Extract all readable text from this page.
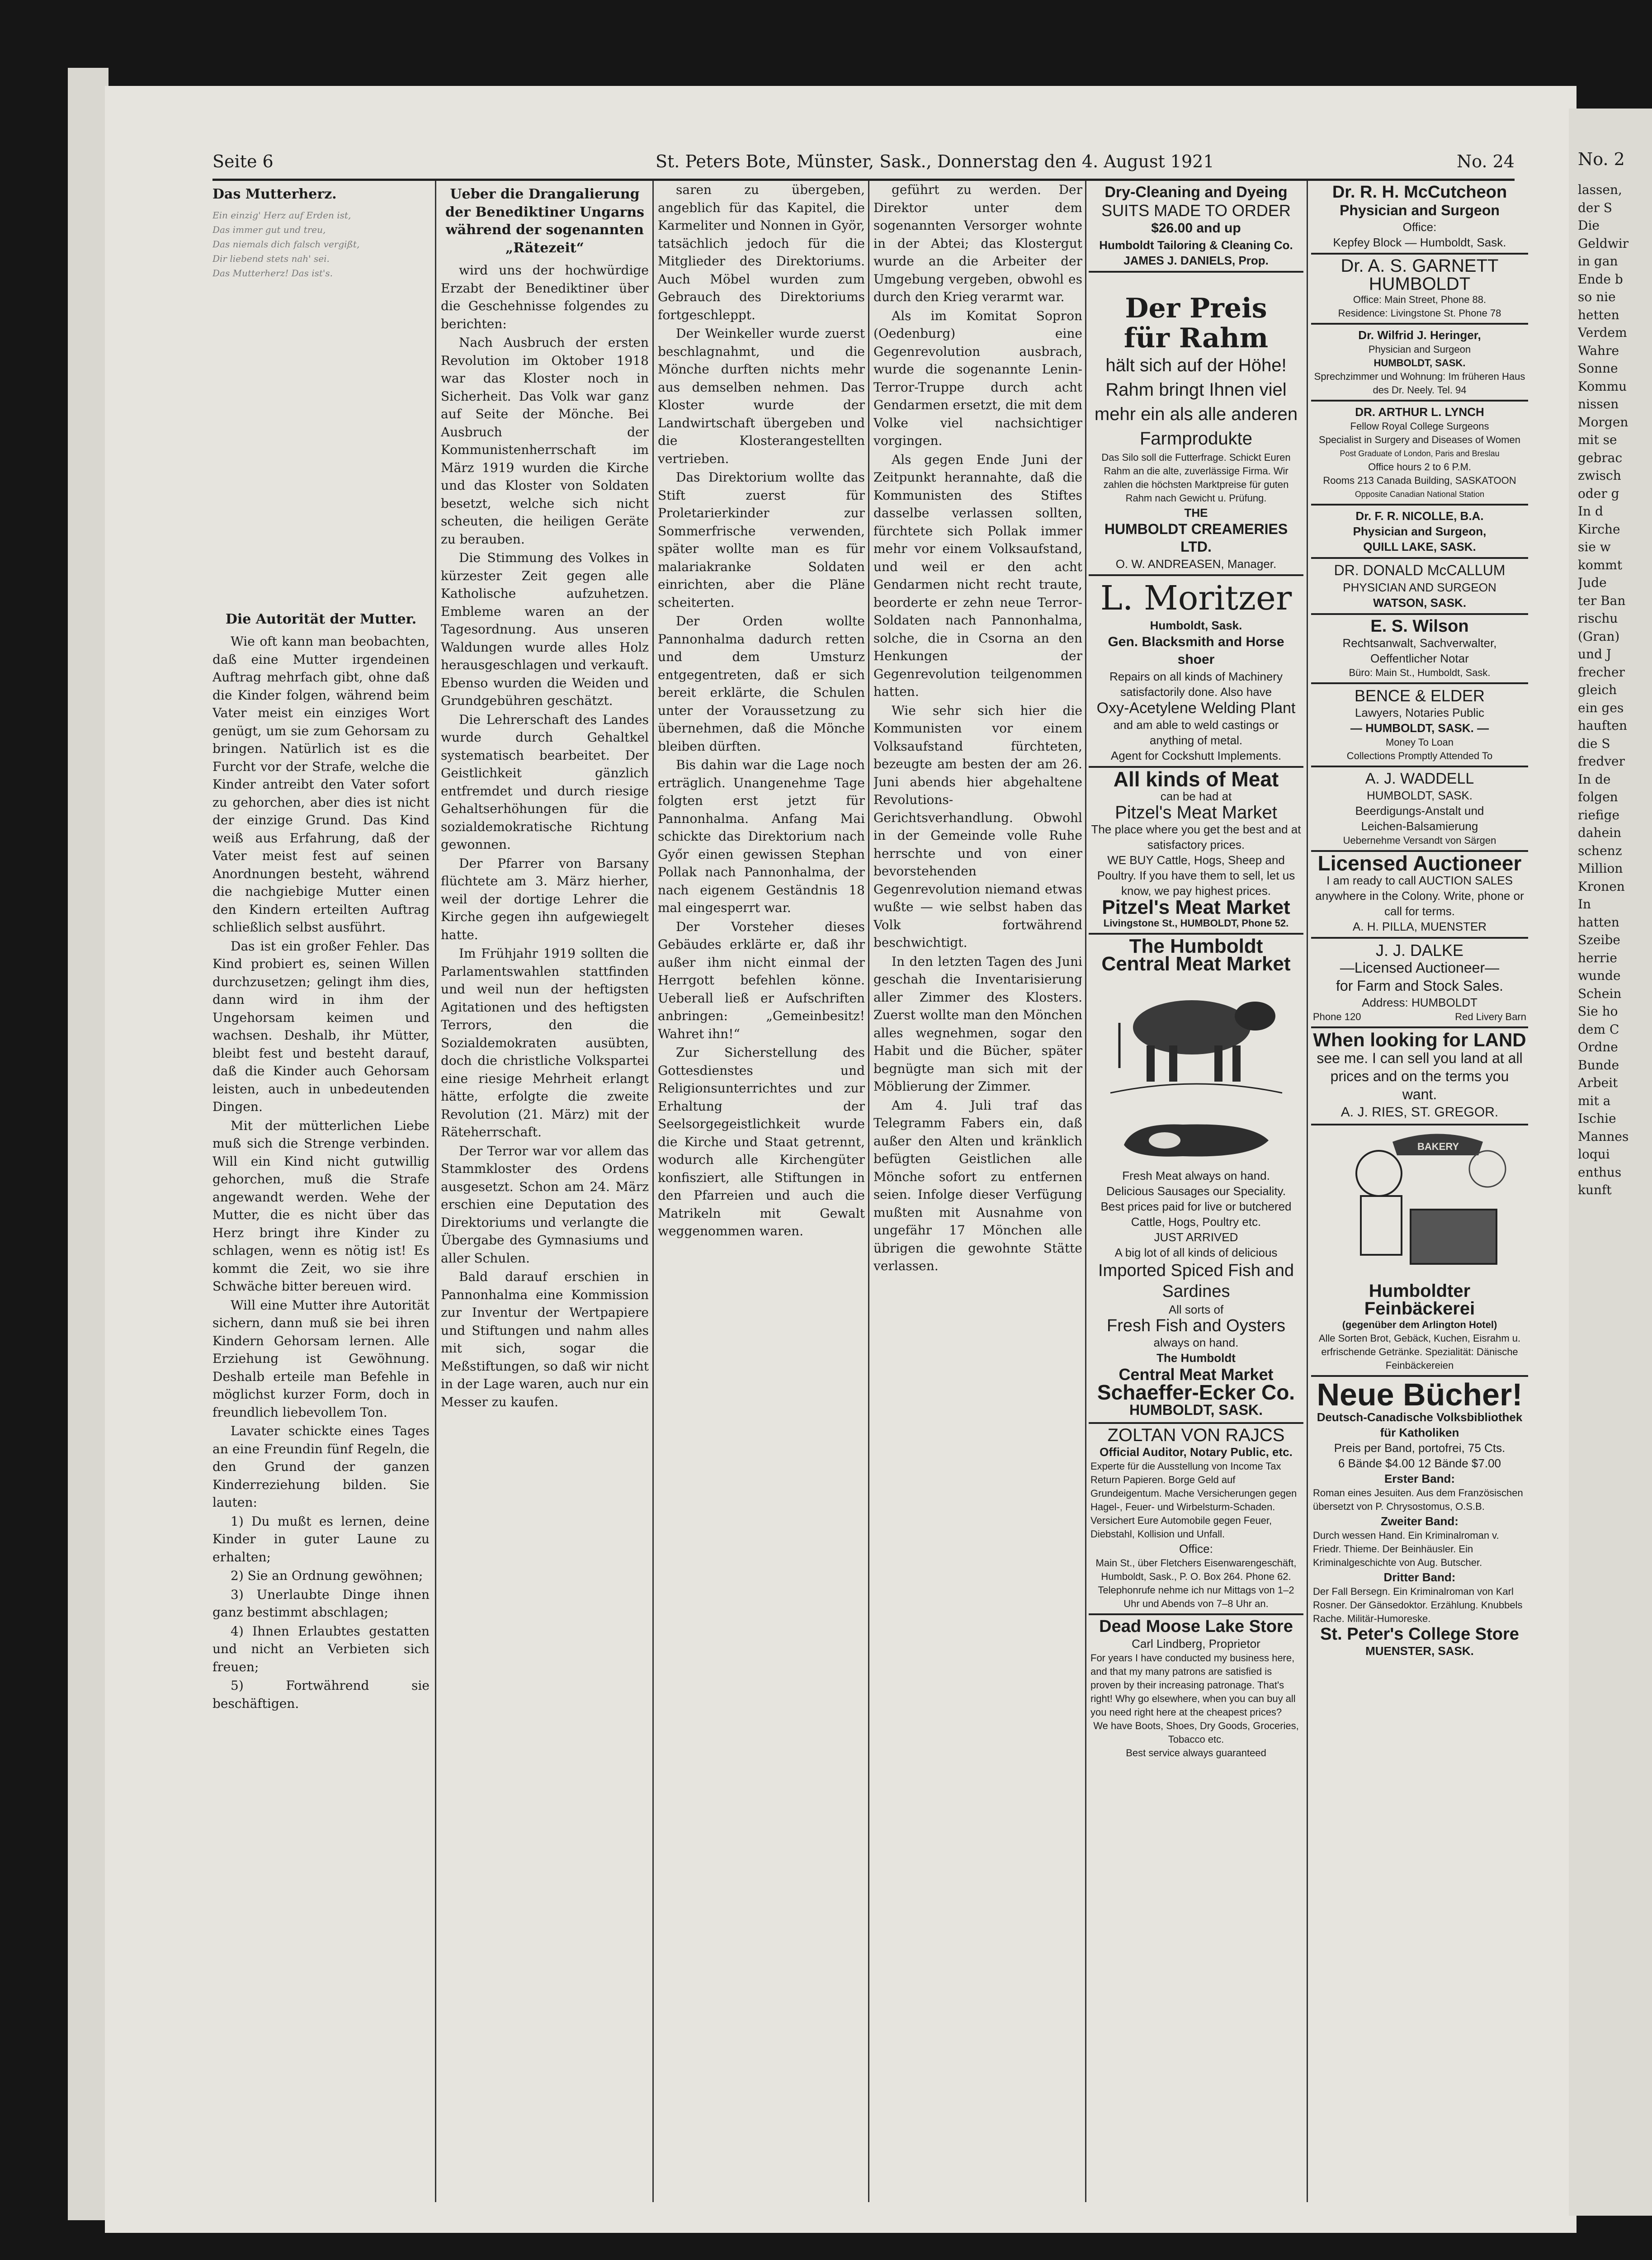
Seite 6	St. Peters Bote, Münster, Sask., Donnerstag den 4. August 1921	No. 24

Das Mutterherz.

Ein einzig' Herz auf Erden ist,
Das immer gut und treu,
Das niemals dich falsch vergißt,
Dir liebend stets nah' sei.
Das Mutterherz! Das ist's.

Die Autorität der Mutter.

Wie oft kann man beobachten, daß eine Mutter irgendeinen Auftrag mehrfach gibt, ohne daß die Kinder folgen, während beim Vater meist ein einziges Wort genügt, um sie zum Gehorsam zu bringen. Natürlich ist es die Furcht vor der Strafe, welche die Kinder antreibt den Vater sofort zu gehorchen, aber dies ist nicht der einzige Grund. Das Kind weiß aus Erfahrung, daß der Vater meist fest auf seinen Anordnungen besteht, während die nachgiebige Mutter einen den Kindern erteilten Auftrag schließlich selbst ausführt.

Das ist ein großer Fehler. Das Kind probiert es, seinen Willen durchzusetzen; gelingt ihm dies, dann wird in ihm der Ungehorsam keimen und wachsen. Deshalb, ihr Mütter, bleibt fest und besteht darauf, daß die Kinder auch Gehorsam leisten, auch in unbedeutenden Dingen.

Mit der mütterlichen Liebe muß sich die Strenge verbinden. Will ein Kind nicht gutwillig gehorchen, muß die Strafe angewandt werden. Wehe der Mutter, die es nicht über das Herz bringt ihre Kinder zu schlagen, wenn es nötig ist! Es kommt die Zeit, wo sie ihre Schwäche bitter bereuen wird.

Will eine Mutter ihre Autorität sichern, dann muß sie bei ihren Kindern Gehorsam lernen. Alle Erziehung ist Gewöhnung. Deshalb erteile man Befehle in möglichst kurzer Form, doch in freundlich liebevollem Ton.

Lavater schickte eines Tages an eine Freundin fünf Regeln, die den Grund der ganzen Kinderreziehung bilden. Sie lauten:

1) Du mußt es lernen, deine Kinder in guter Laune zu erhalten;

2) Sie an Ordnung gewöhnen;

3) Unerlaubte Dinge ihnen ganz bestimmt abschlagen;

4) Ihnen Erlaubtes gestatten und nicht an Verbieten sich freuen;

5) Fortwährend sie beschäftigen.

Ueber die Drangalierung der Benediktiner Ungarns während der sogenannten „Rätezeit“

wird uns der hochwürdige Erzabt der Benediktiner über die Geschehnisse folgendes zu berichten:

Nach Ausbruch der ersten Revolution im Oktober 1918 war das Kloster noch in Sicherheit. Das Volk war ganz auf Seite der Mönche. Bei Ausbruch der Kommunistenherrschaft im März 1919 wurden die Kirche und das Kloster von Soldaten besetzt, welche sich nicht scheuten, die heiligen Geräte zu berauben.

Die Stimmung des Volkes in kürzester Zeit gegen alle Katholische aufzuhetzen. Embleme waren an der Tagesordnung. Aus unseren Waldungen wurde alles Holz herausgeschlagen und verkauft. Ebenso wurden die Weiden und Grundgebühren geschätzt.

Die Lehrerschaft des Landes wurde durch Gehaltkel systematisch bearbeitet. Der Geistlichkeit gänzlich entfremdet und durch riesige Gehaltserhöhungen für die sozialdemokratische Richtung gewonnen.

Der Pfarrer von Barsany flüchtete am 3. März hierher, weil der dortige Lehrer die Kirche gegen ihn aufgewiegelt hatte.

Im Frühjahr 1919 sollten die Parlamentswahlen stattfinden und weil nun der heftigsten Agitationen und des heftigsten Terrors, den die Sozialdemokraten ausübten, doch die christliche Volkspartei eine riesige Mehrheit erlangt hätte, erfolgte die zweite Revolution (21. März) mit der Räteherrschaft.

Der Terror war vor allem das Stammkloster des Ordens ausgesetzt. Schon am 24. März erschien eine Deputation des Direktoriums und verlangte die Übergabe des Gymnasiums und aller Schulen.

Bald darauf erschien in Pannonhalma eine Kommission zur Inventur der Wertpapiere und Stiftungen und nahm alles mit sich, sogar die Meßstiftungen, so daß wir nicht in der Lage waren, auch nur ein Messer zu kaufen.

saren zu übergeben, angeblich für das Kapitel, die Karmeliter und Nonnen in Györ, tatsächlich jedoch für die Mitglieder des Direktoriums. Auch Möbel wurden zum Gebrauch des Direktoriums fortgeschleppt.

Der Weinkeller wurde zuerst beschlagnahmt, und die Mönche durften nichts mehr aus demselben nehmen. Das Kloster wurde der Landwirtschaft übergeben und die Klosterangestellten vertrieben.

Das Direktorium wollte das Stift zuerst für Proletarierkinder zur Sommerfrische verwenden, später wollte man es für malariakranke Soldaten einrichten, aber die Pläne scheiterten.

Der Orden wollte Pannonhalma dadurch retten und dem Umsturz entgegentreten, daß er sich bereit erklärte, die Schulen unter der Voraussetzung zu übernehmen, daß die Mönche bleiben dürften.

Bis dahin war die Lage noch erträglich. Unangenehme Tage folgten erst jetzt für Pannonhalma. Anfang Mai schickte das Direktorium nach Győr einen gewissen Stephan Pollak nach Pannonhalma, der nach eigenem Geständnis 18 mal eingesperrt war.

Der Vorsteher dieses Gebäudes erklärte er, daß ihr außer ihm nicht einmal der Herrgott befehlen könne. Ueberall ließ er Aufschriften anbringen: „Gemeinbesitz! Wahret ihn!“

Zur Sicherstellung des Gottesdienstes und Religionsunterrichtes und zur Erhaltung der Seelsorgegeistlichkeit wurde die Kirche und Staat getrennt, wodurch alle Kirchengüter konfisziert, alle Stiftungen in den Pfarreien und auch die Matrikeln mit Gewalt weggenommen waren.

geführt zu werden. Der Direktor unter dem sogenannten Versorger wohnte in der Abtei; das Klostergut wurde an die Arbeiter der Umgebung vergeben, obwohl es durch den Krieg verarmt war.

Als im Komitat Sopron (Oedenburg) eine Gegenrevolution ausbrach, wurde die sogenannte Lenin-Terror-Truppe durch acht Gendarmen ersetzt, die mit dem Volke viel nachsichtiger vorgingen.

Als gegen Ende Juni der Zeitpunkt herannahte, daß die Kommunisten des Stiftes dasselbe verlassen sollten, fürchtete sich Pollak immer mehr vor einem Volksaufstand, und weil er den acht Gendarmen nicht recht traute, beorderte er zehn neue Terror-Soldaten nach Pannonhalma, solche, die in Csorna an den Henkungen der Gegenrevolution teilgenommen hatten.

Wie sehr sich hier die Kommunisten vor einem Volksaufstand fürchteten, bezeugte am besten der am 26. Juni abends hier abgehaltene Revolutions-Gerichtsverhandlung. Obwohl in der Gemeinde volle Ruhe herrschte und von einer bevorstehenden Gegenrevolution niemand etwas wußte — wie selbst haben das Volk fortwährend beschwichtigt.

In den letzten Tagen des Juni geschah die Inventarisierung aller Zimmer des Klosters. Zuerst wollte man den Mönchen alles wegnehmen, sogar den Habit und die Bücher, später begnügte man sich mit der Möblierung der Zimmer.

Am 4. Juli traf das Telegramm Fabers ein, daß außer den Alten und kränklich befügten Geistlichen alle Mönche sofort zu entfernen seien. Infolge dieser Verfügung mußten mit Ausnahme von ungefähr 17 Mönchen alle übrigen die gewohnte Stätte verlassen.

Dry-Cleaning and Dyeing
SUITS MADE TO ORDER
$26.00 and up
Humboldt Tailoring & Cleaning Co.
JAMES J. DANIELS, Prop.
Der Preis
für Rahm
hält sich auf der Höhe! Rahm bringt Ihnen viel mehr ein als alle anderen Farmprodukte
Das Silo soll die Futterfrage. Schickt Euren Rahm an die alte, zuverlässige Firma. Wir zahlen die höchsten Marktpreise für guten Rahm nach Gewicht u. Prüfung.
THE
HUMBOLDT CREAMERIES LTD.
O. W. ANDREASEN, Manager.
L. Moritzer
Humboldt, Sask.
Gen. Blacksmith and Horse shoer
Repairs on all kinds of Machinery satisfactorily done. Also have
Oxy-Acetylene Welding Plant
and am able to weld castings or anything of metal.
Agent for Cockshutt Implements.
All kinds of Meat
can be had at
Pitzel's Meat Market
The place where you get the best and at satisfactory prices.
WE BUY Cattle, Hogs, Sheep and Poultry. If you have them to sell, let us know, we pay highest prices.
Pitzel's Meat Market
Livingstone St., HUMBOLDT, Phone 52.
The Humboldt
Central Meat Market

Fresh Meat always on hand.
Delicious Sausages our Speciality.
Best prices paid for live or butchered Cattle, Hogs, Poultry etc.
JUST ARRIVED
A big lot of all kinds of delicious
Imported Spiced Fish and Sardines
All sorts of
Fresh Fish and Oysters
always on hand.
The Humboldt
Central Meat Market
Schaeffer-Ecker Co.
HUMBOLDT, SASK.
ZOLTAN VON RAJCS
Official Auditor, Notary Public, etc.
Experte für die Ausstellung von Income Tax Return Papieren. Borge Geld auf Grundeigentum. Mache Versicherungen gegen Hagel-, Feuer- und Wirbelsturm-Schaden. Versichert Eure Automobile gegen Feuer, Diebstahl, Kollision und Unfall.
Office:
Main St., über Fletchers Eisenwarengeschäft, Humboldt, Sask., P. O. Box 264. Phone 62.
Telephonrufe nehme ich nur Mittags von 1–2 Uhr und Abends von 7–8 Uhr an.
Dead Moose Lake Store
Carl Lindberg, Proprietor
For years I have conducted my business here, and that my many patrons are satisfied is proven by their increasing patronage. That's right! Why go elsewhere, when you can buy all you need right here at the cheapest prices?
We have Boots, Shoes, Dry Goods, Groceries, Tobacco etc.
Best service always guaranteed
Dr. R. H. McCutcheon
Physician and Surgeon
Office:
Kepfey Block — Humboldt, Sask.
Dr. A. S. GARNETT
HUMBOLDT
Office: Main Street, Phone 88.
Residence: Livingstone St. Phone 78
Dr. Wilfrid J. Heringer,
Physician and Surgeon
HUMBOLDT, SASK.
Sprechzimmer und Wohnung: Im früheren Haus des Dr. Neely. Tel. 94
DR. ARTHUR L. LYNCH
Fellow Royal College Surgeons
Specialist in Surgery and Diseases of Women
Post Graduate of London, Paris and Breslau
Office hours 2 to 6 P.M.
Rooms 213 Canada Building, SASKATOON
Opposite Canadian National Station
Dr. F. R. NICOLLE, B.A.
Physician and Surgeon,
QUILL LAKE, SASK.
DR. DONALD McCALLUM
PHYSICIAN AND SURGEON
WATSON, SASK.
E. S. Wilson
Rechtsanwalt, Sachverwalter,
Oeffentlicher Notar
Büro: Main St., Humboldt, Sask.
BENCE & ELDER
Lawyers, Notaries Public
— HUMBOLDT, SASK. —
Money To Loan
Collections Promptly Attended To
A. J. WADDELL
HUMBOLDT, SASK.
Beerdigungs-Anstalt und
Leichen-Balsamierung
Uebernehme Versandt von Särgen
Licensed Auctioneer
I am ready to call AUCTION SALES anywhere in the Colony. Write, phone or call for terms.
A. H. PILLA, MUENSTER
J. J. DALKE
—Licensed Auctioneer—
for Farm and Stock Sales.
Address: HUMBOLDT
Phone 120	Red Livery Barn
When looking for LAND
see me. I can sell you land at all prices and on the terms you want.
A. J. RIES, ST. GREGOR.
BAKERY
Humboldter Feinbäckerei
(gegenüber dem Arlington Hotel)
Alle Sorten Brot, Gebäck, Kuchen, Eisrahm u. erfrischende Getränke. Spezialität: Dänische Feinbäckereien
Neue Bücher!
Deutsch-Canadische Volksbibliothek
für Katholiken
Preis per Band, portofrei, 75 Cts.
6 Bände $4.00 12 Bände $7.00
Erster Band:
Roman eines Jesuiten. Aus dem Französischen übersetzt von P. Chrysostomus, O.S.B.
Zweiter Band:
Durch wessen Hand. Ein Kriminalroman v. Friedr. Thieme. Der Beinhäusler. Ein Kriminalgeschichte von Aug. Butscher.
Dritter Band:
Der Fall Bersegn. Ein Kriminalroman von Karl Rosner. Der Gänsedoktor. Erzählung. Knubbels Rache. Militär-Humoreske.
St. Peter's College Store
MUENSTER, SASK.
No. 2
lassen,
der S
Die
Geldwir
in gan
Ende b
so nie
hetten
Verdem
Wahre
Sonne
Kommu
nissen
Morgen
mit se
gebrac
zwisch
oder g
In d
Kirche
sie w
kommt
Jude
ter Ban
rischu
(Gran)
und J
frecher
gleich
ein ges
hauften
die S
fredver
In de
folgen
riefige
dahein
schenz
Million
Kronen
In
hatten
Szeibe
herrie
wunde
Schein
Sie ho
dem C
Ordne
Bunde
Arbeit
mit a
Ischie
Mannes
loqui
enthus
kunft
